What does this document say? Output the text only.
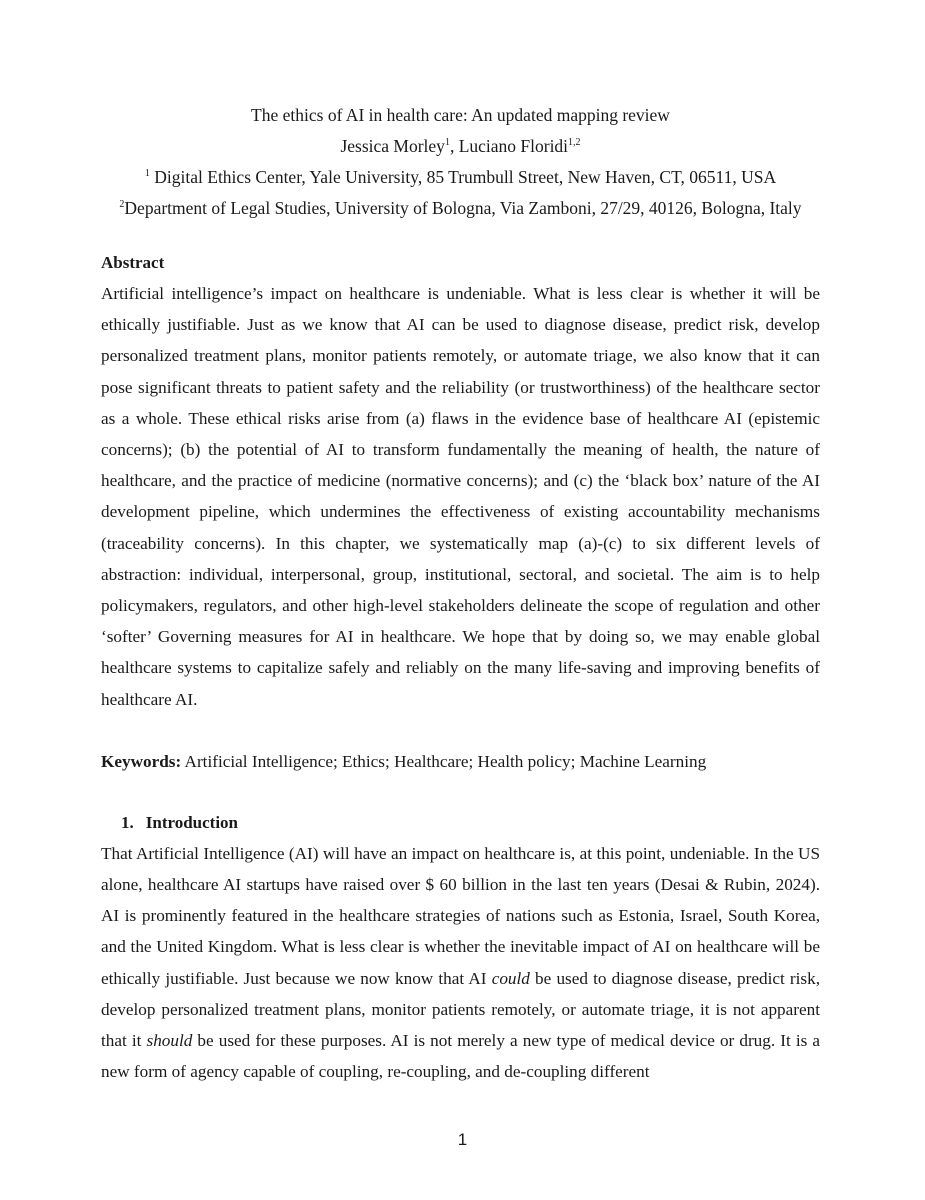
The ethics of AI in health care: An updated mapping review
Jessica Morley$^1$, Luciano Floridi$^{1,2}$
$^1$ Digital Ethics Center, Yale University, 85 Trumbull Street, New Haven, CT, 06511, USA
$^2$Department of Legal Studies, University of Bologna, Via Zamboni, 27/29, 40126, Bologna, Italy
Abstract

Artificial intelligence’s impact on healthcare is undeniable. What is less clear is whether it will be ethically justifiable. Just as we know that AI can be used to diagnose disease, predict risk, develop personalized treatment plans, monitor patients remotely, or automate triage, we also know that it can pose significant threats to patient safety and the reliability (or trustworthiness) of the healthcare sector as a whole. These ethical risks arise from (a) flaws in the evidence base of healthcare AI (epistemic concerns); (b) the potential of AI to transform fundamentally the meaning of health, the nature of healthcare, and the practice of medicine (normative concerns); and (c) the ‘black box’ nature of the AI development pipeline, which undermines the effectiveness of existing accountability mechanisms (traceability concerns). In this chapter, we systematically map (a)-(c) to six different levels of abstraction: individual, interpersonal, group, institutional, sectoral, and societal. The aim is to help policymakers, regulators, and other high-level stakeholders delineate the scope of regulation and other ‘softer’ Governing measures for AI in healthcare. We hope that by doing so, we may enable global healthcare systems to capitalize safely and reliably on the many life-saving and improving benefits of healthcare AI.

Keywords: Artificial Intelligence; Ethics; Healthcare; Health policy; Machine Learning
1. Introduction

That Artificial Intelligence (AI) will have an impact on healthcare is, at this point, undeniable. In the US alone, healthcare AI startups have raised over $ 60 billion in the last ten years (Desai & Rubin, 2024). AI is prominently featured in the healthcare strategies of nations such as Estonia, Israel, South Korea, and the United Kingdom. What is less clear is whether the inevitable impact of AI on healthcare will be ethically justifiable. Just because we now know that AI could be used to diagnose disease, predict risk, develop personalized treatment plans, monitor patients remotely, or automate triage, it is not apparent that it should be used for these purposes. AI is not merely a new type of medical device or drug. It is a new form of agency capable of coupling, re-coupling, and de-coupling different

1
